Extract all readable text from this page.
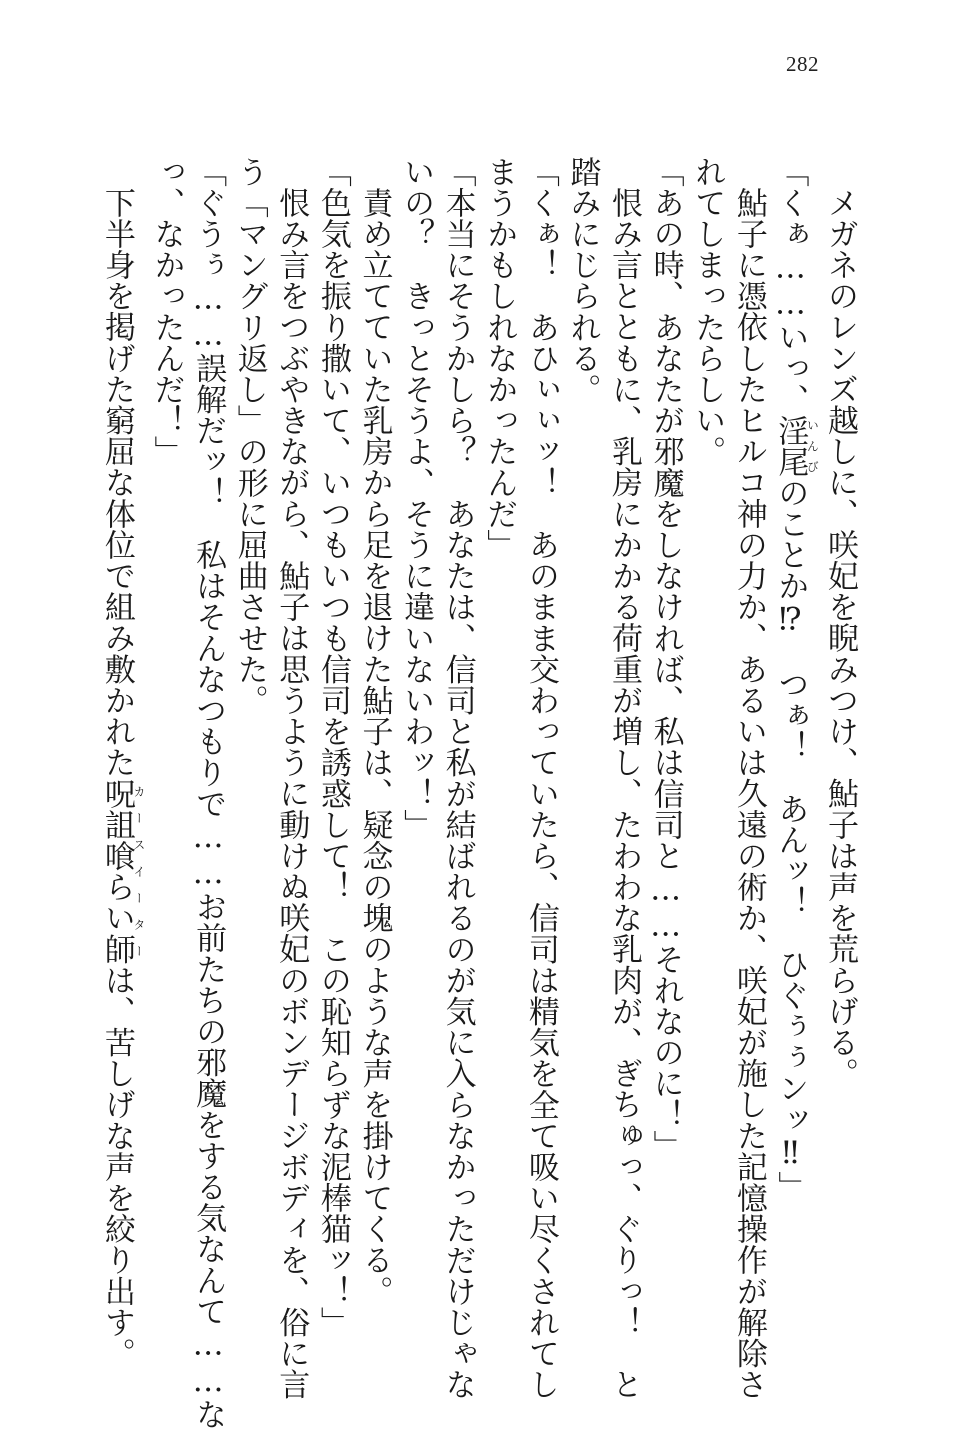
282
メガネのレンズ越しに、咲妃を睨みつけ、鮎子は声を荒らげる。
「くぁ……いっ、淫尾いんびのことか⁉　つぁ！　あんッ！　ひぐぅぅンッ‼」
鮎子に憑依したヒルコ神の力か、あるいは久遠の術か、咲妃が施した記憶操作が解除さ
れてしまったらしい。
「あの時、あなたが邪魔をしなければ、私は信司と……それなのに！」
恨み言とともに、乳房にかかる荷重が増し、たわわな乳肉が、ぎちゅっ、ぐりっ！　と
踏みにじられる。
「くぁ！　あひぃぃッ！　あのまま交わっていたら、信司は精気を全て吸い尽くされてし
まうかもしれなかったんだ」
「本当にそうかしら？　あなたは、信司と私が結ばれるのが気に入らなかっただけじゃな
いの？　きっとそうよ、そうに違いないわッ！」
責め立てていた乳房から足を退けた鮎子は、疑念の塊のような声を掛けてくる。
「色気を振り撒いて、いつもいつも信司を誘惑して！　この恥知らずな泥棒猫ッ！」
恨み言をつぶやきながら、鮎子は思うように動けぬ咲妃のボンデージボディを、俗に言
う「マングリ返し」の形に屈曲させた。
「ぐうぅ……誤解だッ！　私はそんなつもりで……お前たちの邪魔をする気なんて……な
っ、なかったんだ！」
下半身を掲げた窮屈な体位で組み敷かれた呪詛喰らい師カースイーターは、苦しげな声を絞り出す。
